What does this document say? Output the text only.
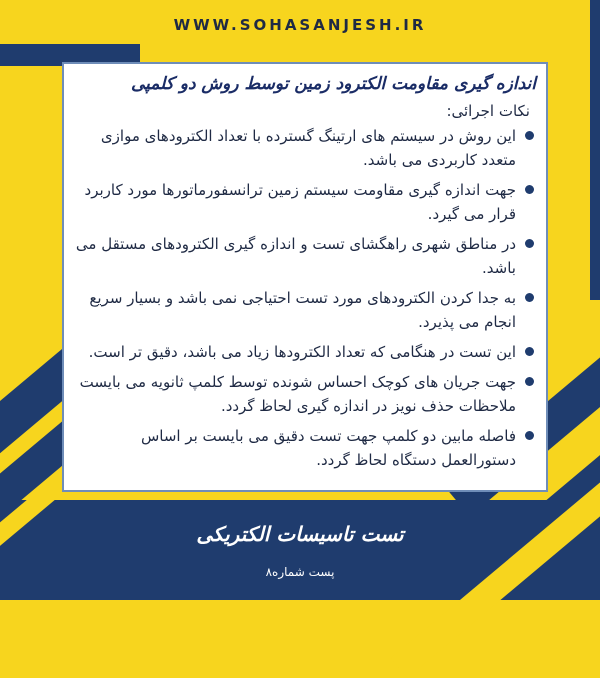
WWW.SOHASANJESH.IR
اندازه گیری مقاومت الکترود زمین توسط روش دو کلمپی
نکات اجرائی:
این روش در سیستم های ارتینگ گسترده با تعداد الکترودهای موازی متعدد کاربردی می باشد.
جهت اندازه گیری مقاومت سیستم زمین ترانسفورماتورها مورد کاربرد قرار می گیرد.
در مناطق شهری راهگشای تست و اندازه گیری الکترودهای مستقل می باشد.
به جدا کردن الکترودهای مورد تست احتیاجی نمی باشد و بسیار سریع انجام می پذیرد.
این تست در هنگامی که تعداد الکترودها زیاد می باشد، دقیق تر است.
جهت جریان های کوچک احساس شونده توسط کلمپ ثانویه می بایست ملاحظات حذف نویز در اندازه گیری لحاظ گردد.
فاصله مابین دو کلمپ جهت تست دقیق می بایست بر اساس دستورالعمل دستگاه لحاظ گردد.
تست تاسیسات الکتریکی
پست شماره۸
